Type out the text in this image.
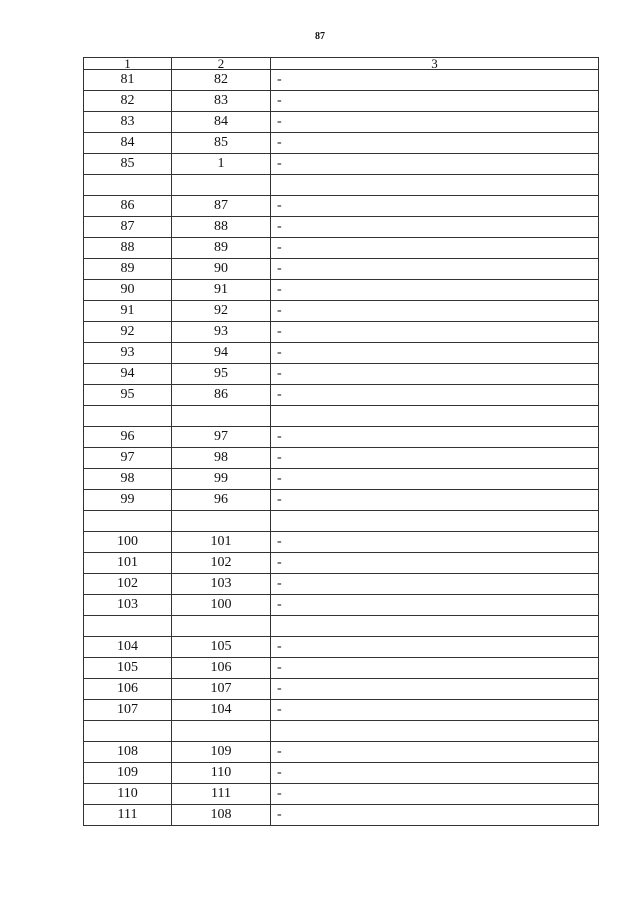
87
1	2	3
81	82	-
82	83	-
83	84	-
84	85	-
85	1	-

86	87	-
87	88	-
88	89	-
89	90	-
90	91	-
91	92	-
92	93	-
93	94	-
94	95	-
95	86	-

96	97	-
97	98	-
98	99	-
99	96	-

100	101	-
101	102	-
102	103	-
103	100	-

104	105	-
105	106	-
106	107	-
107	104	-

108	109	-
109	110	-
110	111	-
111	108	-
